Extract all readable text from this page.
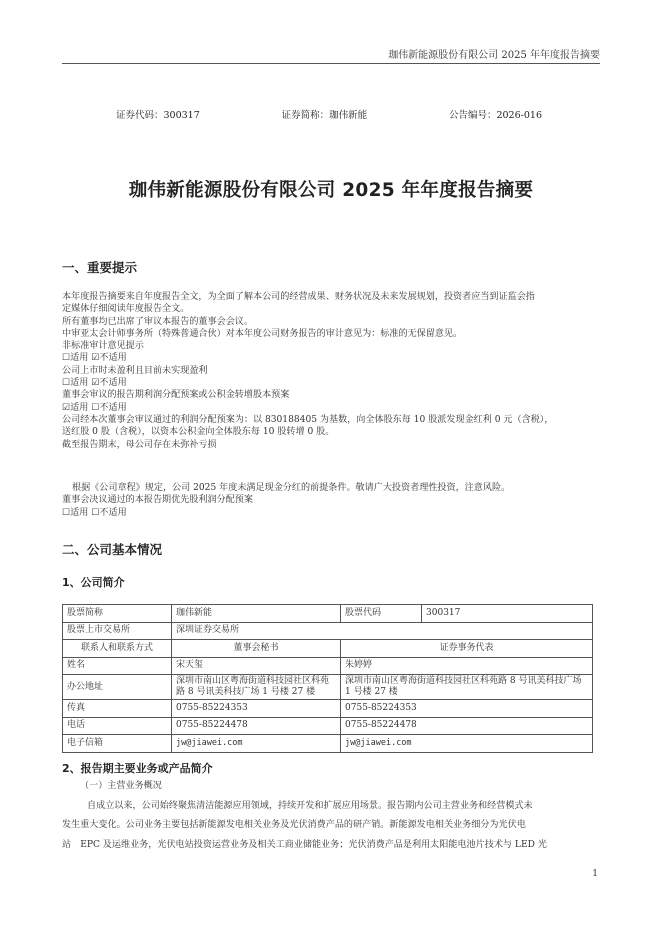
珈伟新能源股份有限公司 2025 年年度报告摘要
证券代码：300317	证券简称：珈伟新能	公告编号：2026-016
珈伟新能源股份有限公司 2025 年年度报告摘要
一、重要提示

本年度报告摘要来自年度报告全文，为全面了解本公司的经营成果、财务状况及未来发展规划，投资者应当到证监会指

定媒体仔细阅读年度报告全文。

所有董事均已出席了审议本报告的董事会会议。

中审亚太会计师事务所（特殊普通合伙）对本年度公司财务报告的审计意见为：标准的无保留意见。

非标准审计意见提示

☐适用 ☑不适用

公司上市时未盈利且目前未实现盈利

☐适用 ☑不适用

董事会审议的报告期利润分配预案或公积金转增股本预案

☑适用 ☐不适用

公司经本次董事会审议通过的利润分配预案为：以 830188405 为基数，向全体股东每 10 股派发现金红利 0 元（含税），

送红股 0 股（含税），以资本公积金向全体股东每 10 股转增 0 股。

截至报告期末，母公司存在未弥补亏损

根据《公司章程》规定，公司 2025 年度未满足现金分红的前提条件。敬请广大投资者理性投资，注意风险。

董事会决议通过的本报告期优先股利润分配预案

☐适用 ☐不适用

二、公司基本情况
1、公司简介
股票简称	珈伟新能	股票代码	300317
股票上市交易所	深圳证券交易所		
联系人和联系方式	董事会秘书	证券事务代表	
姓名	宋天玺	朱婷婷	
办公地址	深圳市南山区粤海街道科技园社区科苑路 8 号讯美科技广场 1 号楼 27 楼	深圳市南山区粤海街道科技园社区科苑路 8 号讯美科技广场 1 号楼 27 楼	
传真	0755-85224353	0755-85224353	
电话	0755-85224478	0755-85224478	
电子信箱	jw@jiawei.com	jw@jiawei.com	
2、报告期主要业务或产品简介

（一）主营业务概况

自成立以来，公司始终聚焦清洁能源应用领域，持续开发和扩展应用场景。报告期内公司主营业务和经营模式未

发生重大变化。公司业务主要包括新能源发电相关业务及光伏消费产品的研产销。新能源发电相关业务细分为光伏电

站　EPC 及运维业务，光伏电站投资运营业务及相关工商业储能业务；光伏消费产品是利用太阳能电池片技术与 LED 光

1
